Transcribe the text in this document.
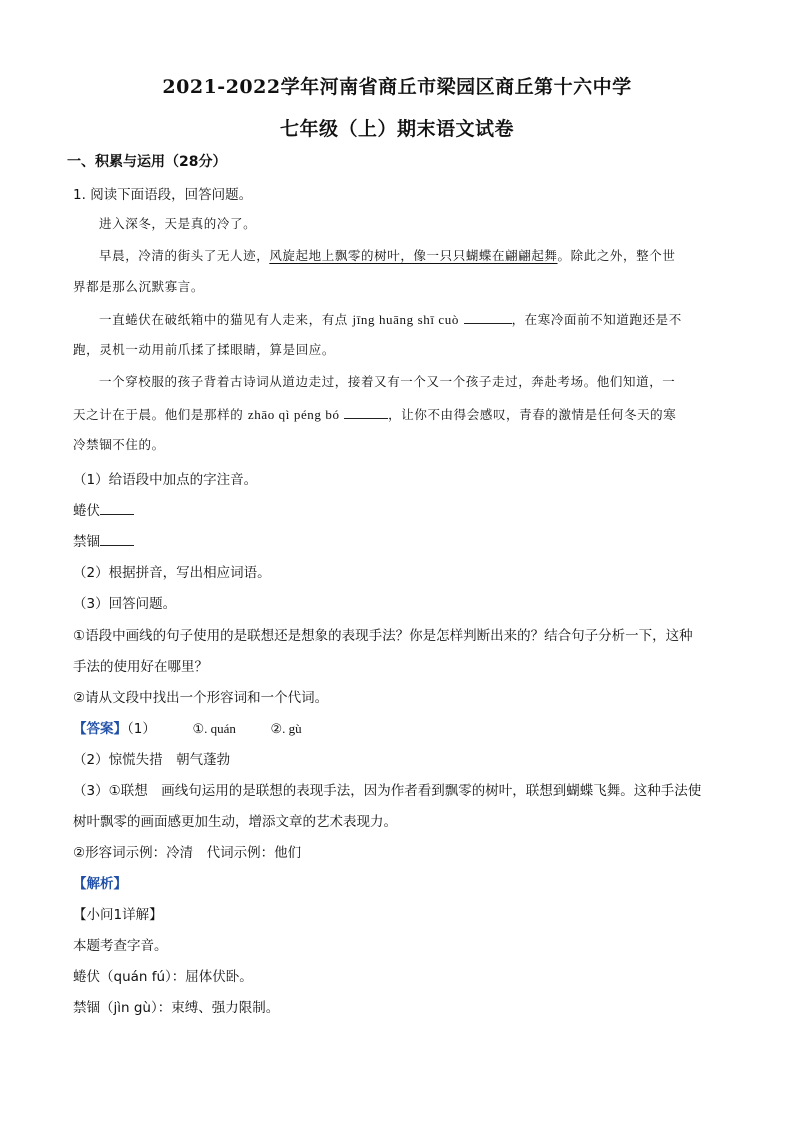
2021-2022学年河南省商丘市梁园区商丘第十六中学
七年级（上）期末语文试卷
一、积累与运用（28分）
1. 阅读下面语段，回答问题。
进入深冬，天是真的冷了。
早晨，冷清的街头了无人迹，风旋起地上飘零的树叶，像一只只蝴蝶在翩翩起舞。除此之外，整个世
界都是那么沉默寡言。
一直蜷伏在破纸箱中的猫见有人走来，有点 jīng huāng shī cuò	，在寒冷面前不知道跑还是不
跑，灵机一动用前爪揉了揉眼睛，算是回应。
一个穿校服的孩子背着古诗词从道边走过，接着又有一个又一个孩子走过，奔赴考场。他们知道，一
天之计在于晨。他们是那样的 zhāo qì péng bó	，让你不由得会感叹，青春的激情是任何冬天的寒
冷禁锢不住的。
（1）给语段中加点的字注音。
蜷伏
禁锢
（2）根据拼音，写出相应词语。
（3）回答问题。
①语段中画线的句子使用的是联想还是想象的表现手法？你是怎样判断出来的？结合句子分析一下，这种
手法的使用好在哪里？
②请从文段中找出一个形容词和一个代词。
【答案】（1）	①. quán	②. gù
（2）惊慌失措　朝气蓬勃
（3）①联想　画线句运用的是联想的表现手法，因为作者看到飘零的树叶，联想到蝴蝶飞舞。这种手法使
树叶飘零的画面感更加生动，增添文章的艺术表现力。
②形容词示例：冷清　代词示例：他们
【解析】
【小问1详解】
本题考查字音。
蜷伏（quán fú）：屈体伏卧。
禁锢（jìn gù）：束缚、强力限制。
